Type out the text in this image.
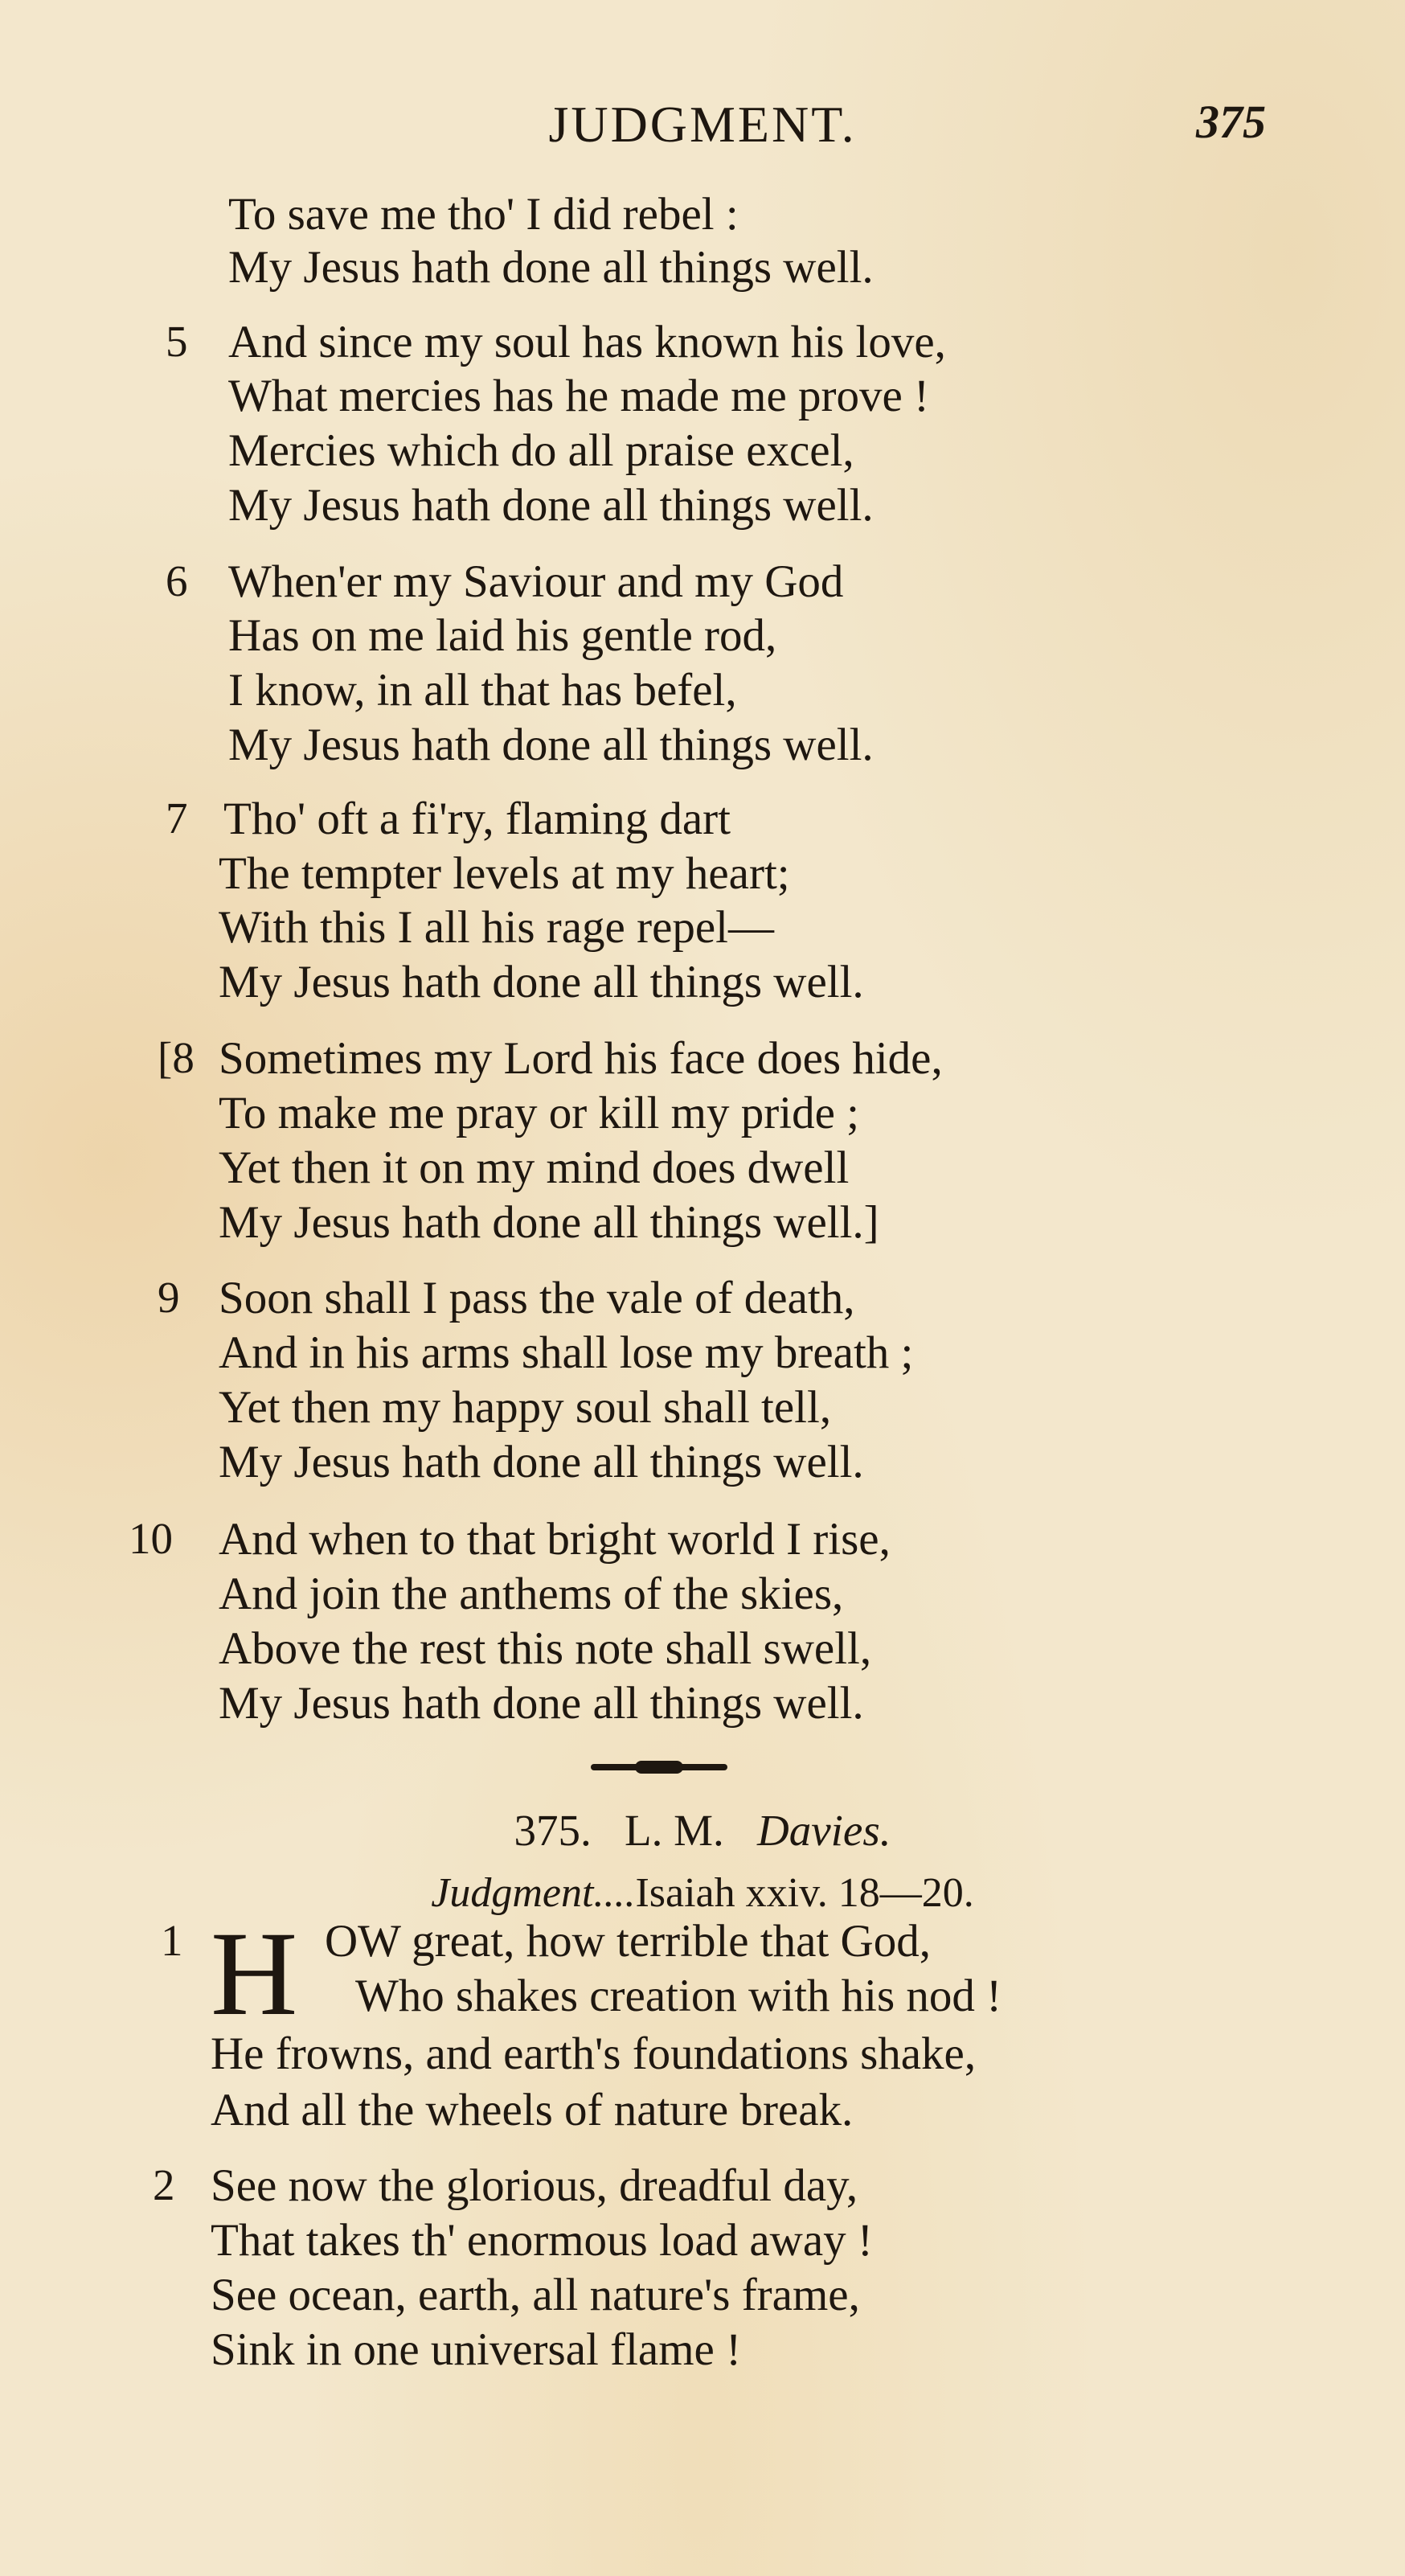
JUDGMENT.	375
To save me tho' I did rebel :
My Jesus hath done all things well.
5 And since my soul has known his love,
What mercies has he made me prove !
Mercies which do all praise excel,
My Jesus hath done all things well.
6 When'er my Saviour and my God
Has on me laid his gentle rod,
I know, in all that has befel,
My Jesus hath done all things well.
7 Tho' oft a fi'ry, flaming dart
The tempter levels at my heart;
With this I all his rage repel—
My Jesus hath done all things well.
[8 Sometimes my Lord his face does hide,
To make me pray or kill my pride ;
Yet then it on my mind does dwell
My Jesus hath done all things well.]
9 Soon shall I pass the vale of death,
And in his arms shall lose my breath ;
Yet then my happy soul shall tell,
My Jesus hath done all things well.
10 And when to that bright world I rise,
And join the anthems of the skies,
Above the rest this note shall swell,
My Jesus hath done all things well.
375. L. M. Davies.
Judgment....Isaiah xxiv. 18—20.
1 H OW great, how terrible that God,
Who shakes creation with his nod !
He frowns, and earth's foundations shake,
And all the wheels of nature break.
2 See now the glorious, dreadful day,
That takes th' enormous load away !
See ocean, earth, all nature's frame,
Sink in one universal flame !
